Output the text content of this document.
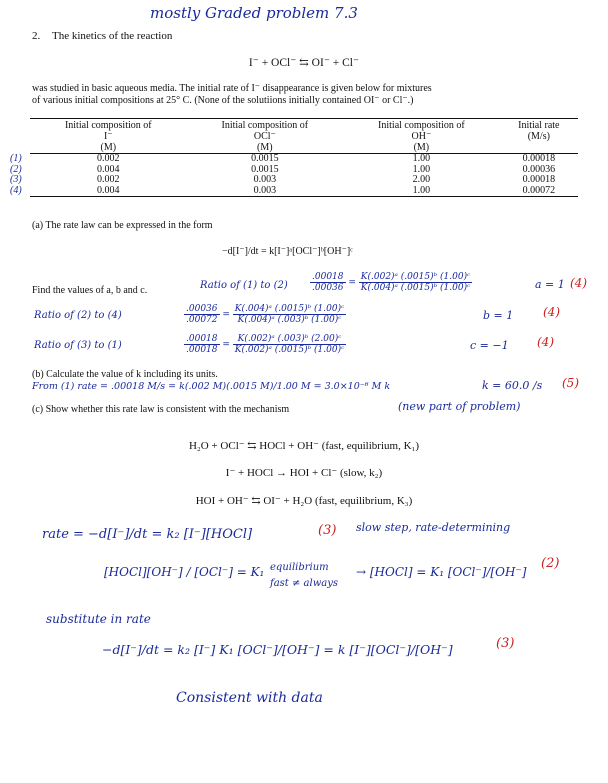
mostly Graded problem 7.3
2. The kinetics of the reaction
I⁻ + OCl⁻ ⇆ OI⁻ + Cl⁻
was studied in basic aqueous media. The initial rate of I⁻ disappearance is given below for mixtures
of various initial compositions at 25° C. (None of the solutiions initially contained OI⁻ or Cl⁻.)
Initial composition of	Initial composition of	Initial composition of	Initial rate
I⁻	OCl⁻	OH⁻	(M/s)
(M)	(M)	(M)	

(1) 0.002	0.0015	1.00	0.00018

(2) 0.004	0.0015	1.00	0.00036

(3) 0.002	0.003	2.00	0.00018

(4) 0.004	0.003	1.00	0.00072
(a) The rate law can be expressed in the form
−d[I⁻]/dt = k[I⁻]ᵃ[OCl⁻]ᵇ[OH⁻]ᶜ
Find the values of a, b and c.	Ratio of (1) to $(2) \frac{.00018}{.00036} = \frac{\text{K(.002)ᵃ (.0015)ᵇ (1.00)ᶜ}}{\text{K(.004)ᵃ (.0015)ᵇ (1.00)ᶜ}}$	a = 1 (4)
Ratio of (2) to (4)	$\frac{.00036}{.00072} = \frac{\text{K(.004)ᵃ (.0015)ᵇ (1.00)ᶜ}}{\text{K(.004)ᵃ (.003)ᵇ (1.00)ᶜ}}$	b = 1 (4)
Ratio of (3) to (1)	$\frac{.00018}{.00018} = \frac{\text{K(.002)ᵃ (.003)ᵇ (2.00)ᶜ}}{\text{K(.002)ᵃ (.0015)ᵇ (1.00)ᶜ}}$	c = −1 (4)
(b) Calculate the value of k including its units.
From (1) rate = .00018 M/s = k(.002 M)(.0015 M)/1.00 M = 3.0×10⁻⁶ M k	k = 60.0 /s (5)
(c) Show whether this rate law is consistent with the mechanism	(new part of problem)
H₂O + OCl⁻ ⇆ HOCl + OH⁻ (fast, equilibrium, K₁)
I⁻ + HOCl → HOI + Cl⁻ (slow, k₂)
HOI + OH⁻ ⇆ OI⁻ + H₂O (fast, equilibrium, K₃)
rate = −d[I⁻]/dt = k₂ [I⁻][HOCl]	(3) slow step, rate-determining
[HOCl][OH⁻] / [OCl⁻] = K₁ equilibrium
fast ≠ always
→ [HOCl] = K₁ [OCl⁻]/[OH⁻]
(2)
substitute in rate
−d[I⁻]/dt = k₂ [I⁻] K₁ [OCl⁻]/[OH⁻] = k [I⁻][OCl⁻]/[OH⁻]	(3)
Consistent with data
